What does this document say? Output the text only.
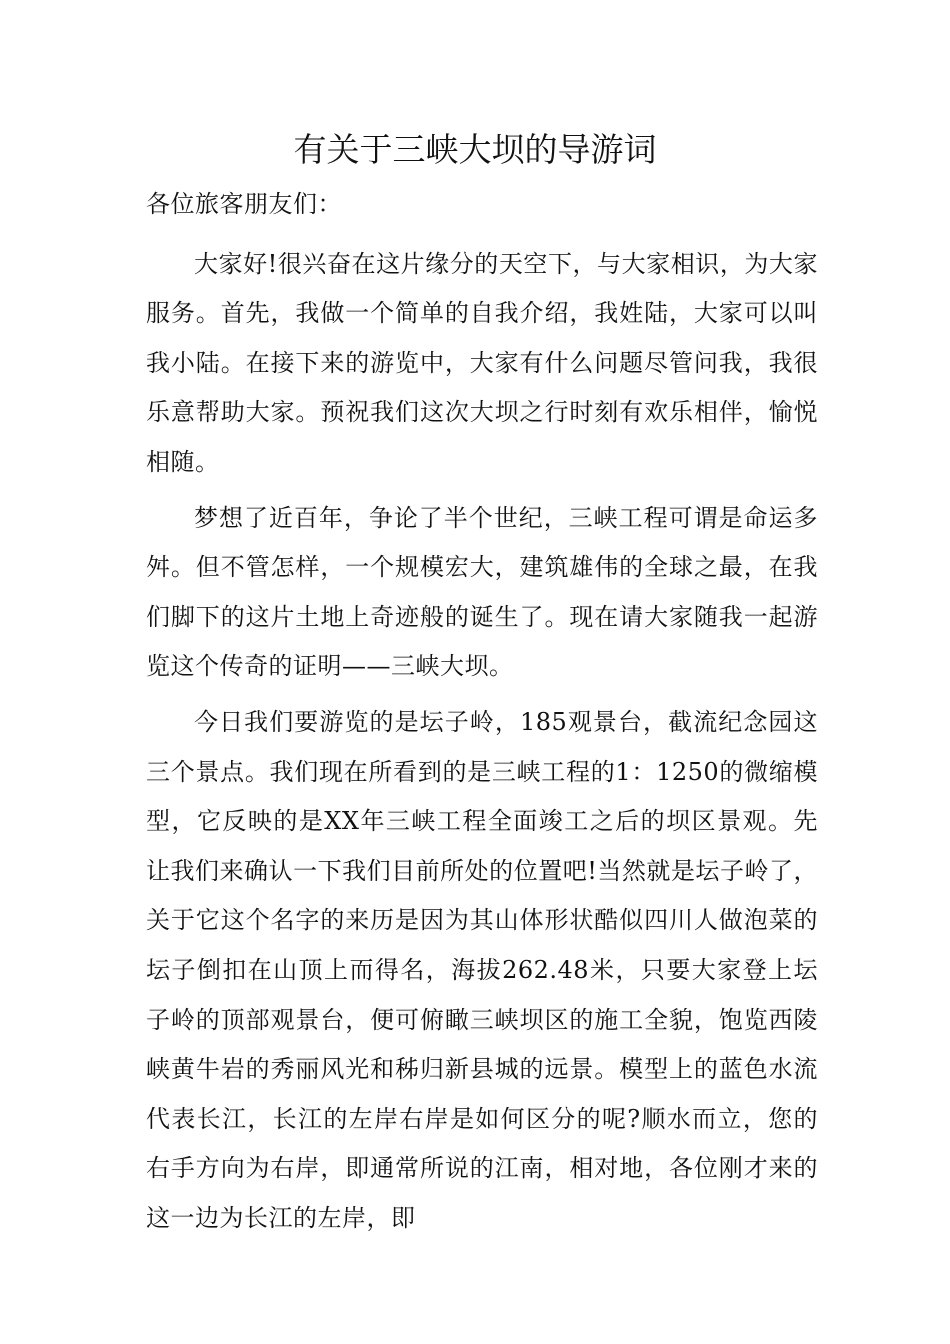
有关于三峡大坝的导游词

各位旅客朋友们：

大家好!很兴奋在这片缘分的天空下，与大家相识，为大家服务。首先，我做一个简单的自我介绍，我姓陆，大家可以叫我小陆。在接下来的游览中，大家有什么问题尽管问我，我很乐意帮助大家。预祝我们这次大坝之行时刻有欢乐相伴，愉悦相随。

梦想了近百年，争论了半个世纪，三峡工程可谓是命运多舛。但不管怎样，一个规模宏大，建筑雄伟的全球之最，在我们脚下的这片土地上奇迹般的诞生了。现在请大家随我一起游览这个传奇的证明——三峡大坝。

今日我们要游览的是坛子岭，185观景台，截流纪念园这三个景点。我们现在所看到的是三峡工程的1：1250的微缩模型，它反映的是XX年三峡工程全面竣工之后的坝区景观。先让我们来确认一下我们目前所处的位置吧!当然就是坛子岭了，关于它这个名字的来历是因为其山体形状酷似四川人做泡菜的坛子倒扣在山顶上而得名，海拔262.48米，只要大家登上坛子岭的顶部观景台，便可俯瞰三峡坝区的施工全貌，饱览西陵峡黄牛岩的秀丽风光和秭归新县城的远景。模型上的蓝色水流代表长江，长江的左岸右岸是如何区分的呢?顺水而立，您的右手方向为右岸，即通常所说的江南，相对地，各位刚才来的这一边为长江的左岸，即
